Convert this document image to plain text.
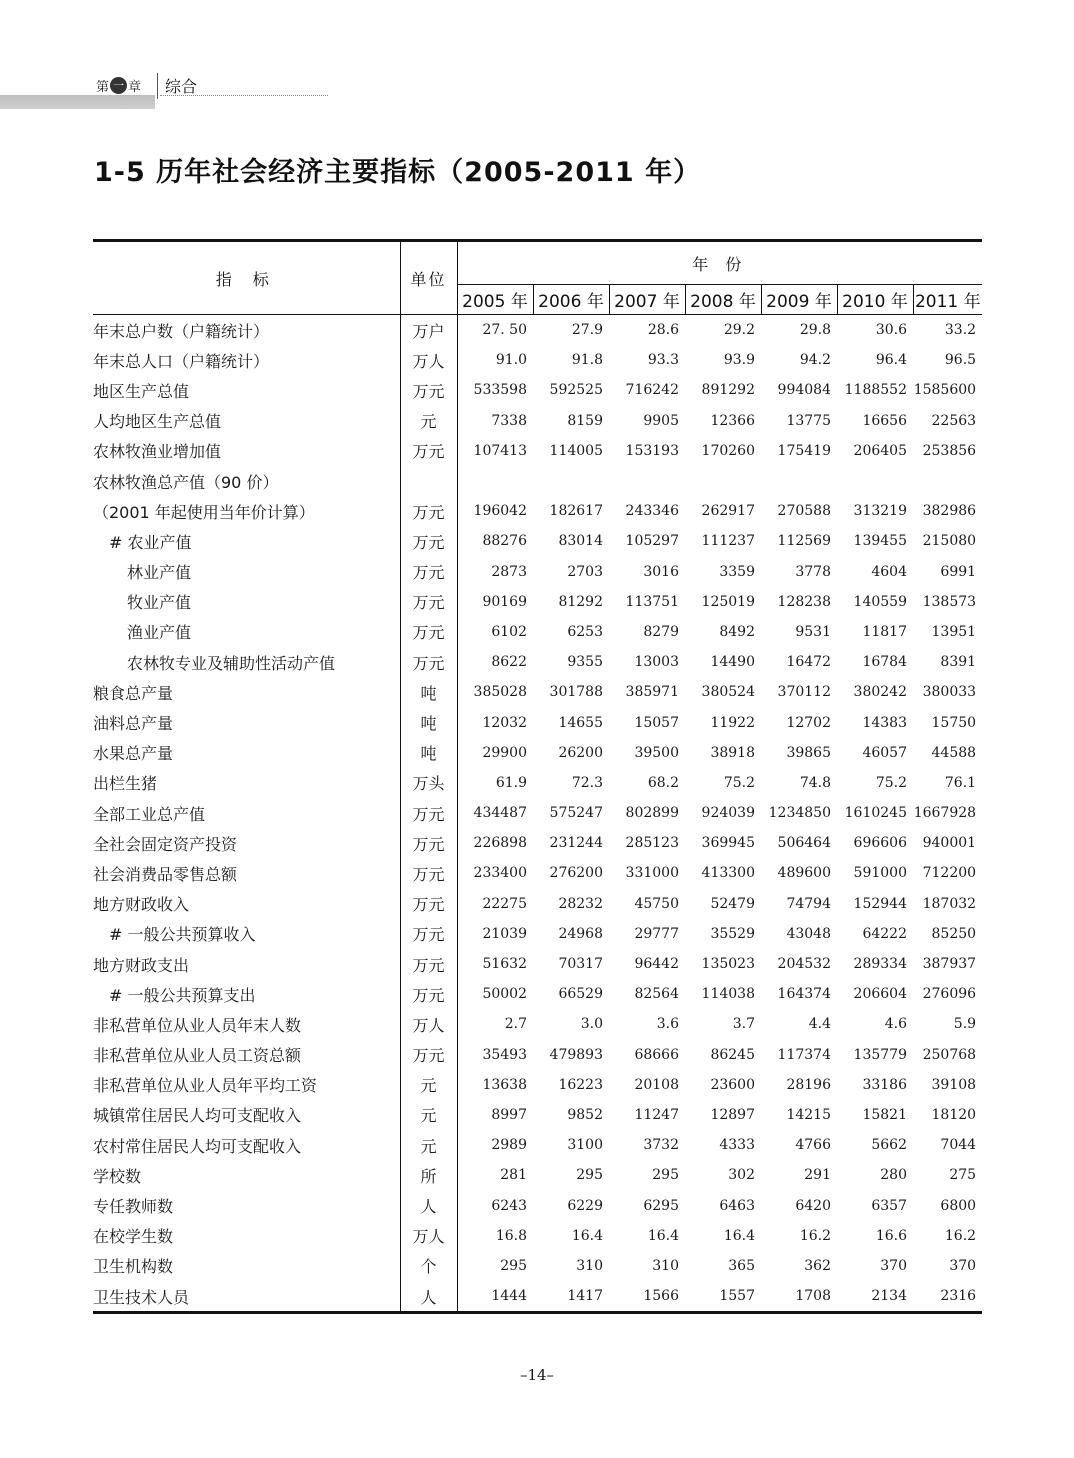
第 一 章 综合
1-5 历年社会经济主要指标（2005-2011 年）
指 标	单位	年 份						
		2005 年	2006 年	2007 年	2008 年	2009 年	2010 年	2011 年
年末总户数（户籍统计）	万户	27. 50	27.9	28.6	29.2	29.8	30.6	33.2
年末总人口（户籍统计）	万人	91.0	91.8	93.3	93.9	94.2	96.4	96.5
地区生产总值	万元	533598	592525	716242	891292	994084	1188552	1585600
人均地区生产总值	元	7338	8159	9905	12366	13775	16656	22563
农林牧渔业增加值	万元	107413	114005	153193	170260	175419	206405	253856
农林牧渔总产值（90 价）								
（2001 年起使用当年价计算）	万元	196042	182617	243346	262917	270588	313219	382986
# 农业产值	万元	88276	83014	105297	111237	112569	139455	215080
林业产值	万元	2873	2703	3016	3359	3778	4604	6991
牧业产值	万元	90169	81292	113751	125019	128238	140559	138573
渔业产值	万元	6102	6253	8279	8492	9531	11817	13951
农林牧专业及辅助性活动产值	万元	8622	9355	13003	14490	16472	16784	8391
粮食总产量	吨	385028	301788	385971	380524	370112	380242	380033
油料总产量	吨	12032	14655	15057	11922	12702	14383	15750
水果总产量	吨	29900	26200	39500	38918	39865	46057	44588
出栏生猪	万头	61.9	72.3	68.2	75.2	74.8	75.2	76.1
全部工业总产值	万元	434487	575247	802899	924039	1234850	1610245	1667928
全社会固定资产投资	万元	226898	231244	285123	369945	506464	696606	940001
社会消费品零售总额	万元	233400	276200	331000	413300	489600	591000	712200
地方财政收入	万元	22275	28232	45750	52479	74794	152944	187032
# 一般公共预算收入	万元	21039	24968	29777	35529	43048	64222	85250
地方财政支出	万元	51632	70317	96442	135023	204532	289334	387937
# 一般公共预算支出	万元	50002	66529	82564	114038	164374	206604	276096
非私营单位从业人员年末人数	万人	2.7	3.0	3.6	3.7	4.4	4.6	5.9
非私营单位从业人员工资总额	万元	35493	479893	68666	86245	117374	135779	250768
非私营单位从业人员年平均工资	元	13638	16223	20108	23600	28196	33186	39108
城镇常住居民人均可支配收入	元	8997	9852	11247	12897	14215	15821	18120
农村常住居民人均可支配收入	元	2989	3100	3732	4333	4766	5662	7044
学校数	所	281	295	295	302	291	280	275
专任教师数	人	6243	6229	6295	6463	6420	6357	6800
在校学生数	万人	16.8	16.4	16.4	16.4	16.2	16.6	16.2
卫生机构数	个	295	310	310	365	362	370	370
卫生技术人员	人	1444	1417	1566	1557	1708	2134	2316
–14–
